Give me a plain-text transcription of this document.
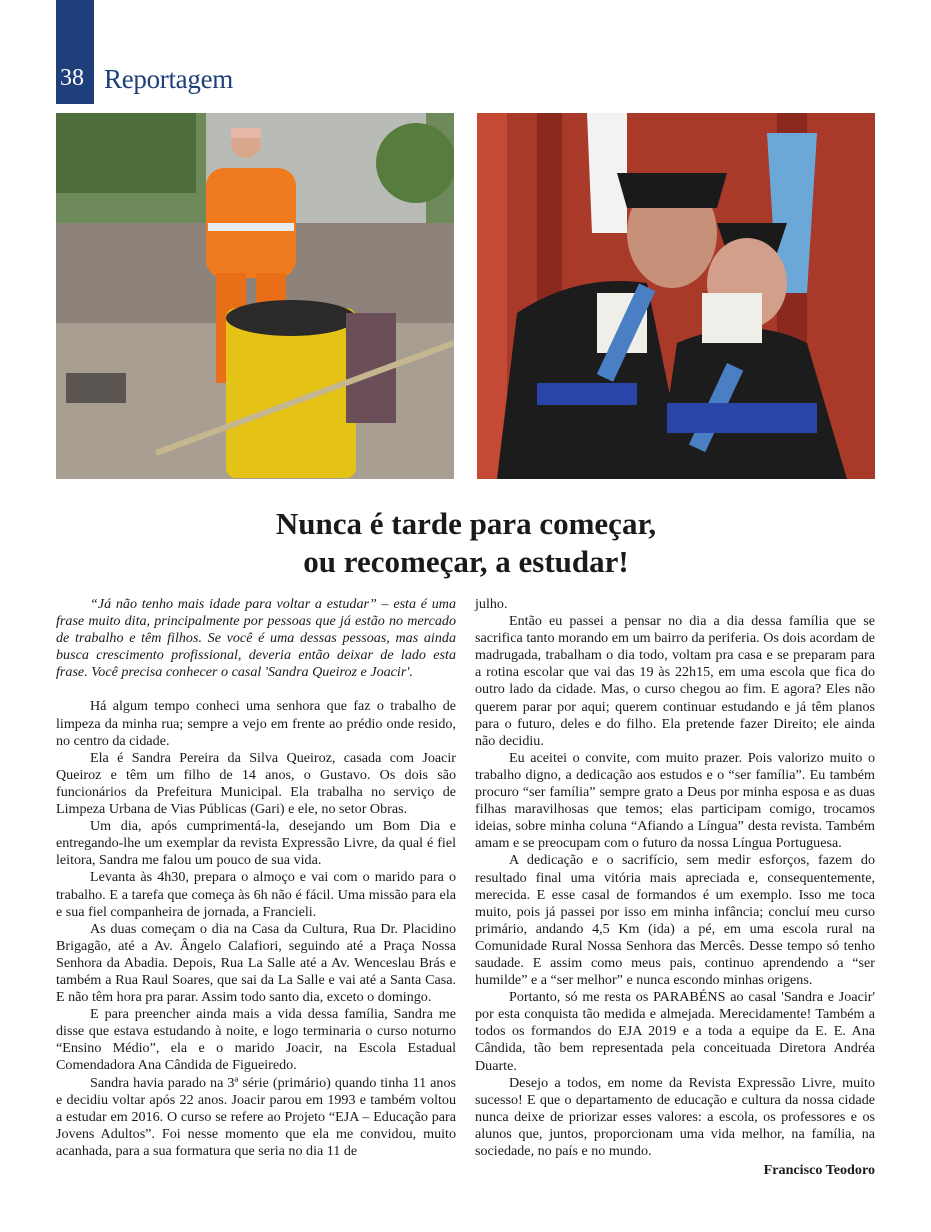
38 Reportagem
Nunca é tarde para começar,
ou recomeçar, a estudar!

“Já não tenho mais idade para voltar a estudar” – esta é uma frase muito dita, principalmente por pessoas que já estão no mercado de trabalho e têm filhos. Se você é uma dessas pessoas, mas ainda busca crescimento profissional, deveria então deixar de lado esta frase. Você precisa conhecer o casal 'Sandra Queiroz e Joacir'.

Há algum tempo conheci uma senhora que faz o trabalho de limpeza da minha rua; sempre a vejo em frente ao prédio onde resido, no centro da cidade.

Ela é Sandra Pereira da Silva Queiroz, casada com Joacir Queiroz e têm um filho de 14 anos, o Gustavo. Os dois são funcionários da Prefeitura Municipal. Ela trabalha no serviço de Limpeza Urbana de Vias Públicas (Gari) e ele, no setor Obras.

Um dia, após cumprimentá-la, desejando um Bom Dia e entregando-lhe um exemplar da revista Expressão Livre, da qual é fiel leitora, Sandra me falou um pouco de sua vida.

Levanta às 4h30, prepara o almoço e vai com o marido para o trabalho. E a tarefa que começa às 6h não é fácil. Uma missão para ela e sua fiel companheira de jornada, a Francieli.

As duas começam o dia na Casa da Cultura, Rua Dr. Placidino Brigagão, até a Av. Ângelo Calafiori, seguindo até a Praça Nossa Senhora da Abadia. Depois, Rua La Salle até a Av. Wenceslau Brás e também a Rua Raul Soares, que sai da La Salle e vai até a Santa Casa. E não têm hora pra parar. Assim todo santo dia, exceto o domingo.

E para preencher ainda mais a vida dessa família, Sandra me disse que estava estudando à noite, e logo terminaria o curso noturno “Ensino Médio”, ela e o marido Joacir, na Escola Estadual Comendadora Ana Cândida de Figueiredo.

Sandra havia parado na 3ª série (primário) quando tinha 11 anos e decidiu voltar após 22 anos. Joacir parou em 1993 e também voltou a estudar em 2016. O curso se refere ao Projeto “EJA – Educação para Jovens Adultos”. Foi nesse momento que ela me convidou, muito acanhada, para a sua formatura que seria no dia 11 de

julho.

Então eu passei a pensar no dia a dia dessa família que se sacrifica tanto morando em um bairro da periferia. Os dois acordam de madrugada, trabalham o dia todo, voltam pra casa e se preparam para a rotina escolar que vai das 19 às 22h15, em uma escola que fica do outro lado da cidade. Mas, o curso chegou ao fim. E agora? Eles não querem parar por aqui; querem continuar estudando e já têm planos para o futuro, deles e do filho. Ela pretende fazer Direito; ele ainda não decidiu.

Eu aceitei o convite, com muito prazer. Pois valorizo muito o trabalho digno, a dedicação aos estudos e o “ser família”. Eu também procuro “ser família” sempre grato a Deus por minha esposa e as duas filhas maravilhosas que temos; elas participam comigo, trocamos ideias, sobre minha coluna “Afiando a Língua” desta revista. Também amam e se preocupam com o futuro da nossa Língua Portuguesa.

A dedicação e o sacrifício, sem medir esforços, fazem do resultado final uma vitória mais apreciada e, consequentemente, merecida. E esse casal de formandos é um exemplo. Isso me toca muito, pois já passei por isso em minha infância; concluí meu curso primário, andando 4,5 Km (ida) a pé, em uma escola rural na Comunidade Rural Nossa Senhora das Mercês. Desse tempo só tenho saudade. E assim como meus pais, continuo aprendendo a “ser humilde” e a “ser melhor” e nunca escondo minhas origens.

Portanto, só me resta os PARABÉNS ao casal 'Sandra e Joacir' por esta conquista tão medida e almejada. Merecidamente! Também a todos os formandos do EJA 2019 e a toda a equipe da E. E. Ana Cândida, tão bem representada pela conceituada Diretora Andréa Duarte.

Desejo a todos, em nome da Revista Expressão Livre, muito sucesso! E que o departamento de educação e cultura da nossa cidade nunca deixe de priorizar esses valores: a escola, os professores e os alunos que, juntos, proporcionam uma vida melhor, na família, na sociedade, no país e no mundo.

Francisco Teodoro
